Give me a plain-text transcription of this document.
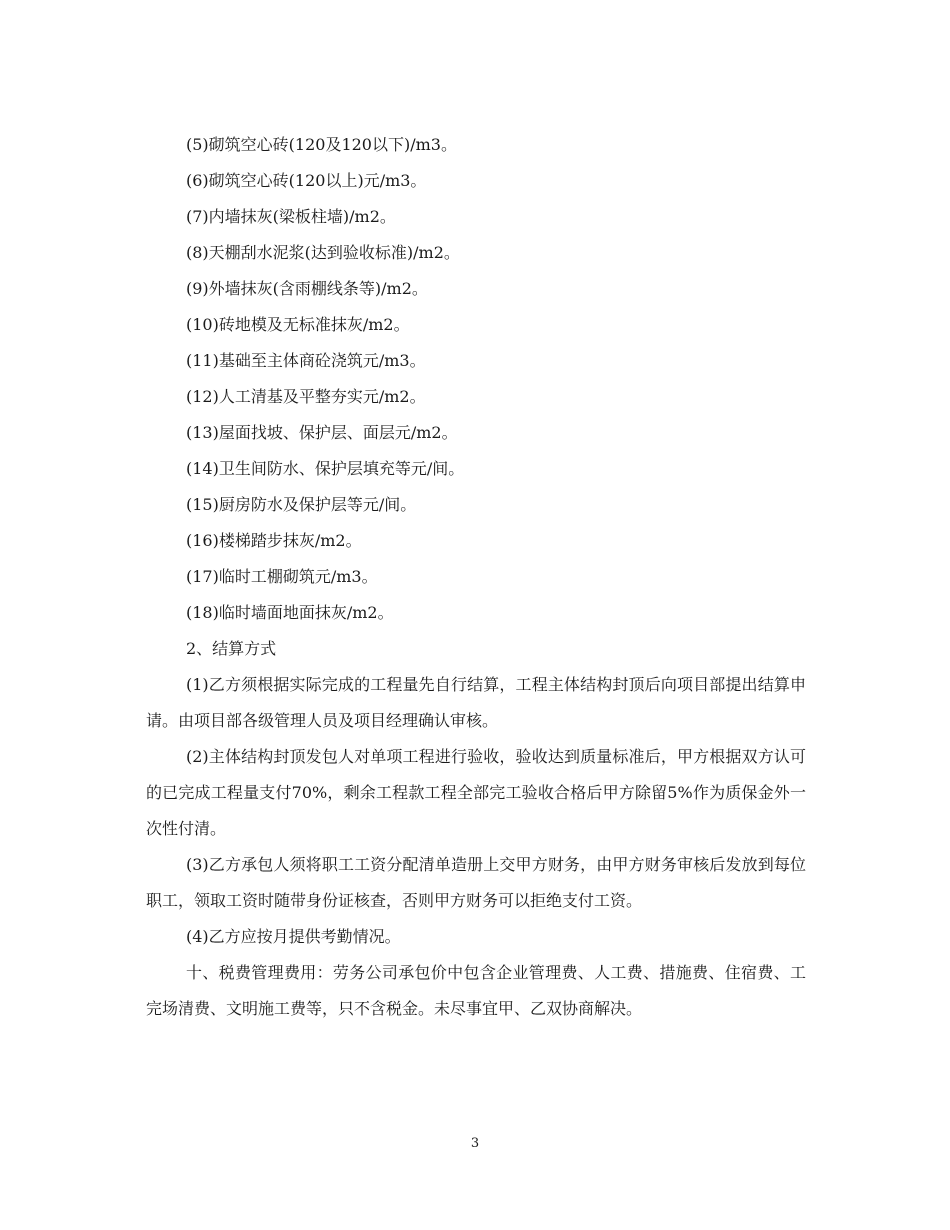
(5)砌筑空心砖(120及120以下)/m3。
(6)砌筑空心砖(120以上)元/m3。
(7)内墙抹灰(梁板柱墙)/m2。
(8)天棚刮水泥浆(达到验收标准)/m2。
(9)外墙抹灰(含雨棚线条等)/m2。
(10)砖地模及无标准抹灰/m2。
(11)基础至主体商砼浇筑元/m3。
(12)人工清基及平整夯实元/m2。
(13)屋面找坡、保护层、面层元/m2。
(14)卫生间防水、保护层填充等元/间。
(15)厨房防水及保护层等元/间。
(16)楼梯踏步抹灰/m2。
(17)临时工棚砌筑元/m3。
(18)临时墙面地面抹灰/m2。
2、结算方式

(1)乙方须根据实际完成的工程量先自行结算，工程主体结构封顶后向项目部提出结算申请。由项目部各级管理人员及项目经理确认审核。

(2)主体结构封顶发包人对单项工程进行验收，验收达到质量标准后，甲方根据双方认可的已完成工程量支付70%，剩余工程款工程全部完工验收合格后甲方除留5%作为质保金外一次性付清。

(3)乙方承包人须将职工工资分配清单造册上交甲方财务，由甲方财务审核后发放到每位职工，领取工资时随带身份证核查，否则甲方财务可以拒绝支付工资。

(4)乙方应按月提供考勤情况。

十、税费管理费用：劳务公司承包价中包含企业管理费、人工费、措施费、住宿费、工完场清费、文明施工费等，只不含税金。未尽事宜甲、乙双协商解决。

3
